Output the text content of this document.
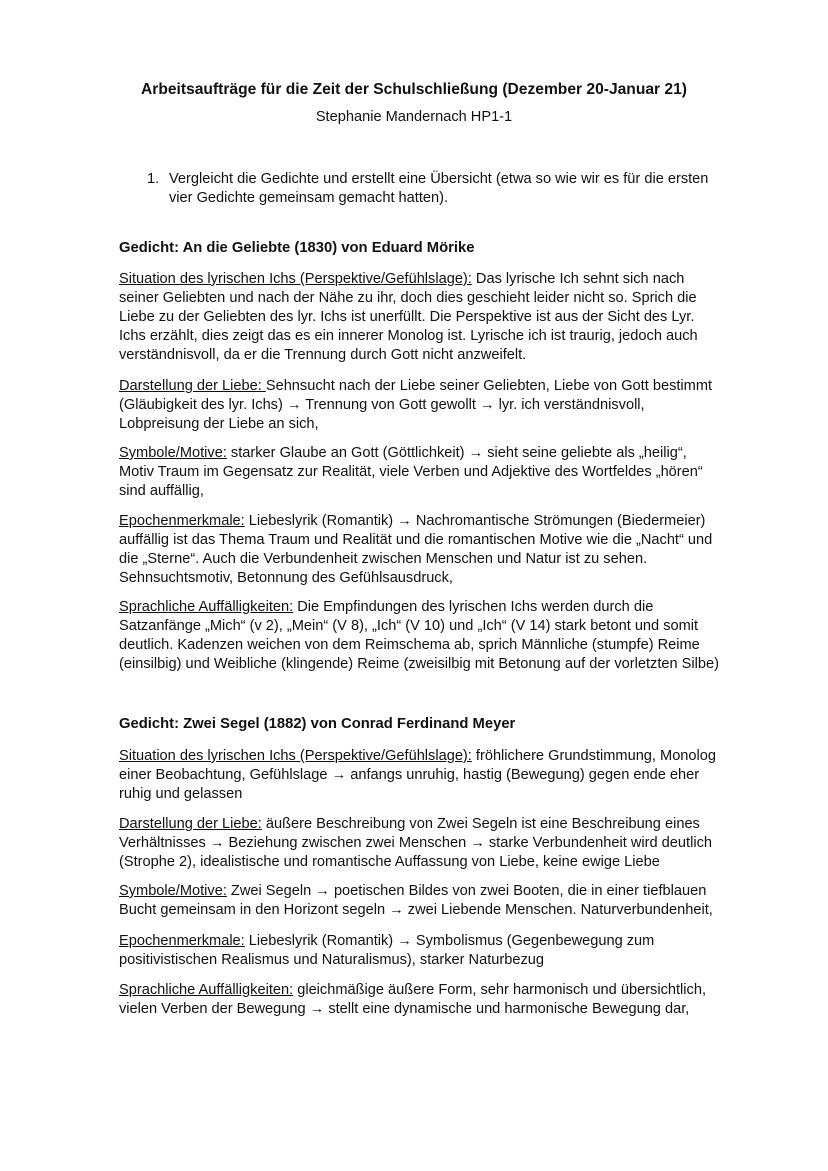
Arbeitsaufträge für die Zeit der Schulschließung (Dezember 20-Januar 21)
Stephanie Mandernach HP1-1
1. Vergleicht die Gedichte und erstellt eine Übersicht (etwa so wie wir es für die ersten
vier Gedichte gemeinsam gemacht hatten).
Gedicht: An die Geliebte (1830) von Eduard Mörike
Situation des lyrischen Ichs (Perspektive/Gefühlslage): Das lyrische Ich sehnt sich nach
seiner Geliebten und nach der Nähe zu ihr, doch dies geschieht leider nicht so. Sprich die
Liebe zu der Geliebten des lyr. Ichs ist unerfüllt. Die Perspektive ist aus der Sicht des Lyr.
Ichs erzählt, dies zeigt das es ein innerer Monolog ist. Lyrische ich ist traurig, jedoch auch
verständnisvoll, da er die Trennung durch Gott nicht anzweifelt.
Darstellung der Liebe: Sehnsucht nach der Liebe seiner Geliebten, Liebe von Gott bestimmt
(Gläubigkeit des lyr. Ichs) → Trennung von Gott gewollt → lyr. ich verständnisvoll,
Lobpreisung der Liebe an sich,
Symbole/Motive: starker Glaube an Gott (Göttlichkeit) → sieht seine geliebte als „heilig“,
Motiv Traum im Gegensatz zur Realität, viele Verben und Adjektive des Wortfeldes „hören“
sind auffällig,
Epochenmerkmale: Liebeslyrik (Romantik) → Nachromantische Strömungen (Biedermeier)
auffällig ist das Thema Traum und Realität und die romantischen Motive wie die „Nacht“ und
die „Sterne“. Auch die Verbundenheit zwischen Menschen und Natur ist zu sehen.
Sehnsuchtsmotiv, Betonnung des Gefühlsausdruck,
Sprachliche Auffälligkeiten: Die Empfindungen des lyrischen Ichs werden durch die
Satzanfänge „Mich“ (v 2), „Mein“ (V 8), „Ich“ (V 10) und „Ich“ (V 14) stark betont und somit
deutlich. Kadenzen weichen von dem Reimschema ab, sprich Männliche (stumpfe) Reime
(einsilbig) und Weibliche (klingende) Reime (zweisilbig mit Betonung auf der vorletzten Silbe)
Gedicht: Zwei Segel (1882) von Conrad Ferdinand Meyer
Situation des lyrischen Ichs (Perspektive/Gefühlslage): fröhlichere Grundstimmung, Monolog
einer Beobachtung, Gefühlslage → anfangs unruhig, hastig (Bewegung) gegen ende eher
ruhig und gelassen
Darstellung der Liebe: äußere Beschreibung von Zwei Segeln ist eine Beschreibung eines
Verhältnisses → Beziehung zwischen zwei Menschen → starke Verbundenheit wird deutlich
(Strophe 2), idealistische und romantische Auffassung von Liebe, keine ewige Liebe
Symbole/Motive: Zwei Segeln → poetischen Bildes von zwei Booten, die in einer tiefblauen
Bucht gemeinsam in den Horizont segeln → zwei Liebende Menschen. Naturverbundenheit,
Epochenmerkmale: Liebeslyrik (Romantik) → Symbolismus (Gegenbewegung zum
positivistischen Realismus und Naturalismus), starker Naturbezug
Sprachliche Auffälligkeiten: gleichmäßige äußere Form, sehr harmonisch und übersichtlich,
vielen Verben der Bewegung → stellt eine dynamische und harmonische Bewegung dar,
